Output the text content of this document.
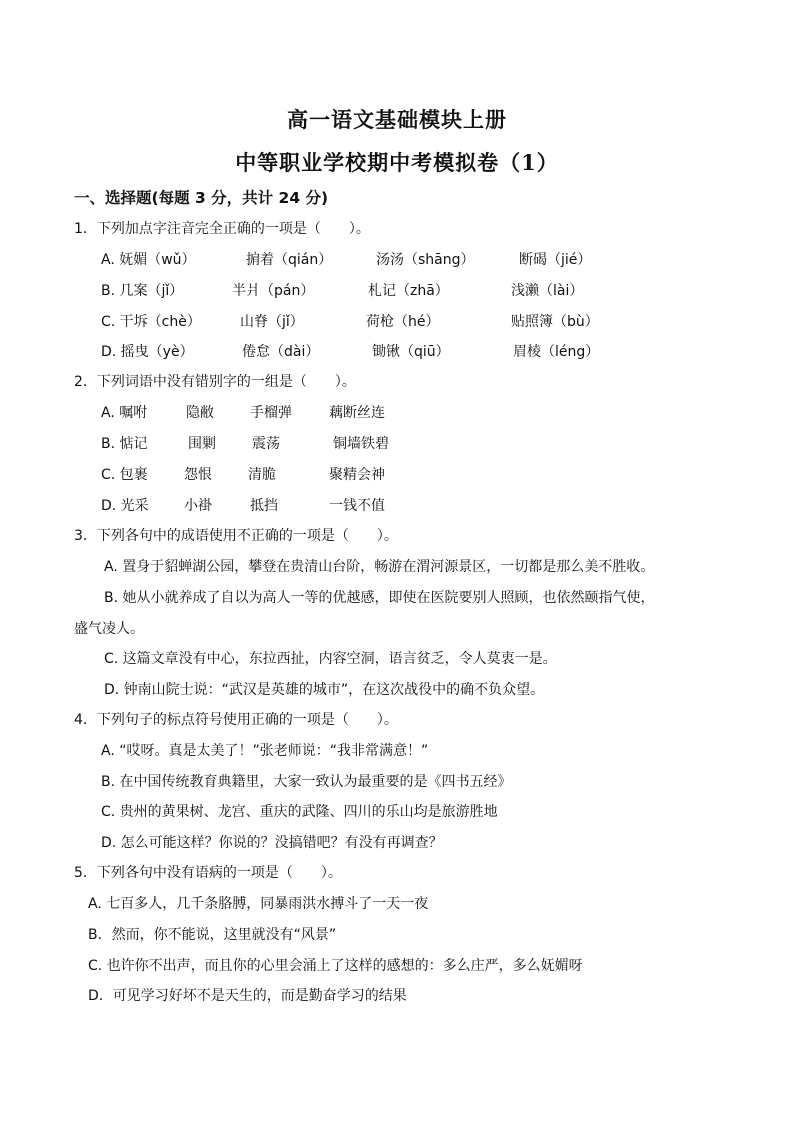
高一语文基础模块上册
中等职业学校期中考模拟卷（1）
一、选择题(每题 3 分，共计 24 分)
1．下列加点字注音完全正确的一项是（　　）。
A. 妩媚（wǔ）	掮着（qián）	汤汤（shāng）	断碣（jié）
B. 几案（jǐ）	半爿（pán）	札记（zhā）	浅濑（lài）
C. 干坼（chè）	山脊（jǐ）	荷枪（hé）	贴照簿（bù）
D. 摇曳（yè）	倦怠（dài）	锄锹（qiū）	眉棱（léng）
2．下列词语中没有错别字的一组是（　　）。
A. 嘱咐	隐敝	手榴弹	藕断丝连
B. 惦记	围剿	震荡	铜墙铁碧
C. 包裹	怨恨	清脆	聚精会神
D. 光采	小褂	抵挡	一钱不值
3．下列各句中的成语使用不正确的一项是（　　）。
A. 置身于貂蝉湖公园，攀登在贵清山台阶，畅游在渭河源景区，一切都是那么美不胜收。
B. 她从小就养成了自以为高人一等的优越感，即使在医院要别人照顾，也依然颐指气使，
盛气凌人。
C. 这篇文章没有中心，东拉西扯，内容空洞，语言贫乏，令人莫衷一是。
D. 钟南山院士说：“武汉是英雄的城市”，在这次战役中的确不负众望。
4．下列句子的标点符号使用正确的一项是（　　）。
A. “哎呀。真是太美了！”张老师说：“我非常满意！”
B. 在中国传统教育典籍里，大家一致认为最重要的是《四书五经》
C. 贵州的黄果树、龙宫、重庆的武隆、四川的乐山均是旅游胜地
D. 怎么可能这样？你说的？没搞错吧？有没有再调查？
5．下列各句中没有语病的一项是（　　）。
A. 七百多人，几千条胳膊，同暴雨洪水搏斗了一天一夜
B．然而，你不能说，这里就没有“风景”
C. 也许你不出声，而且你的心里会涌上了这样的感想的：多么庄严，多么妩媚呀
D．可见学习好坏不是天生的，而是勤奋学习的结果
